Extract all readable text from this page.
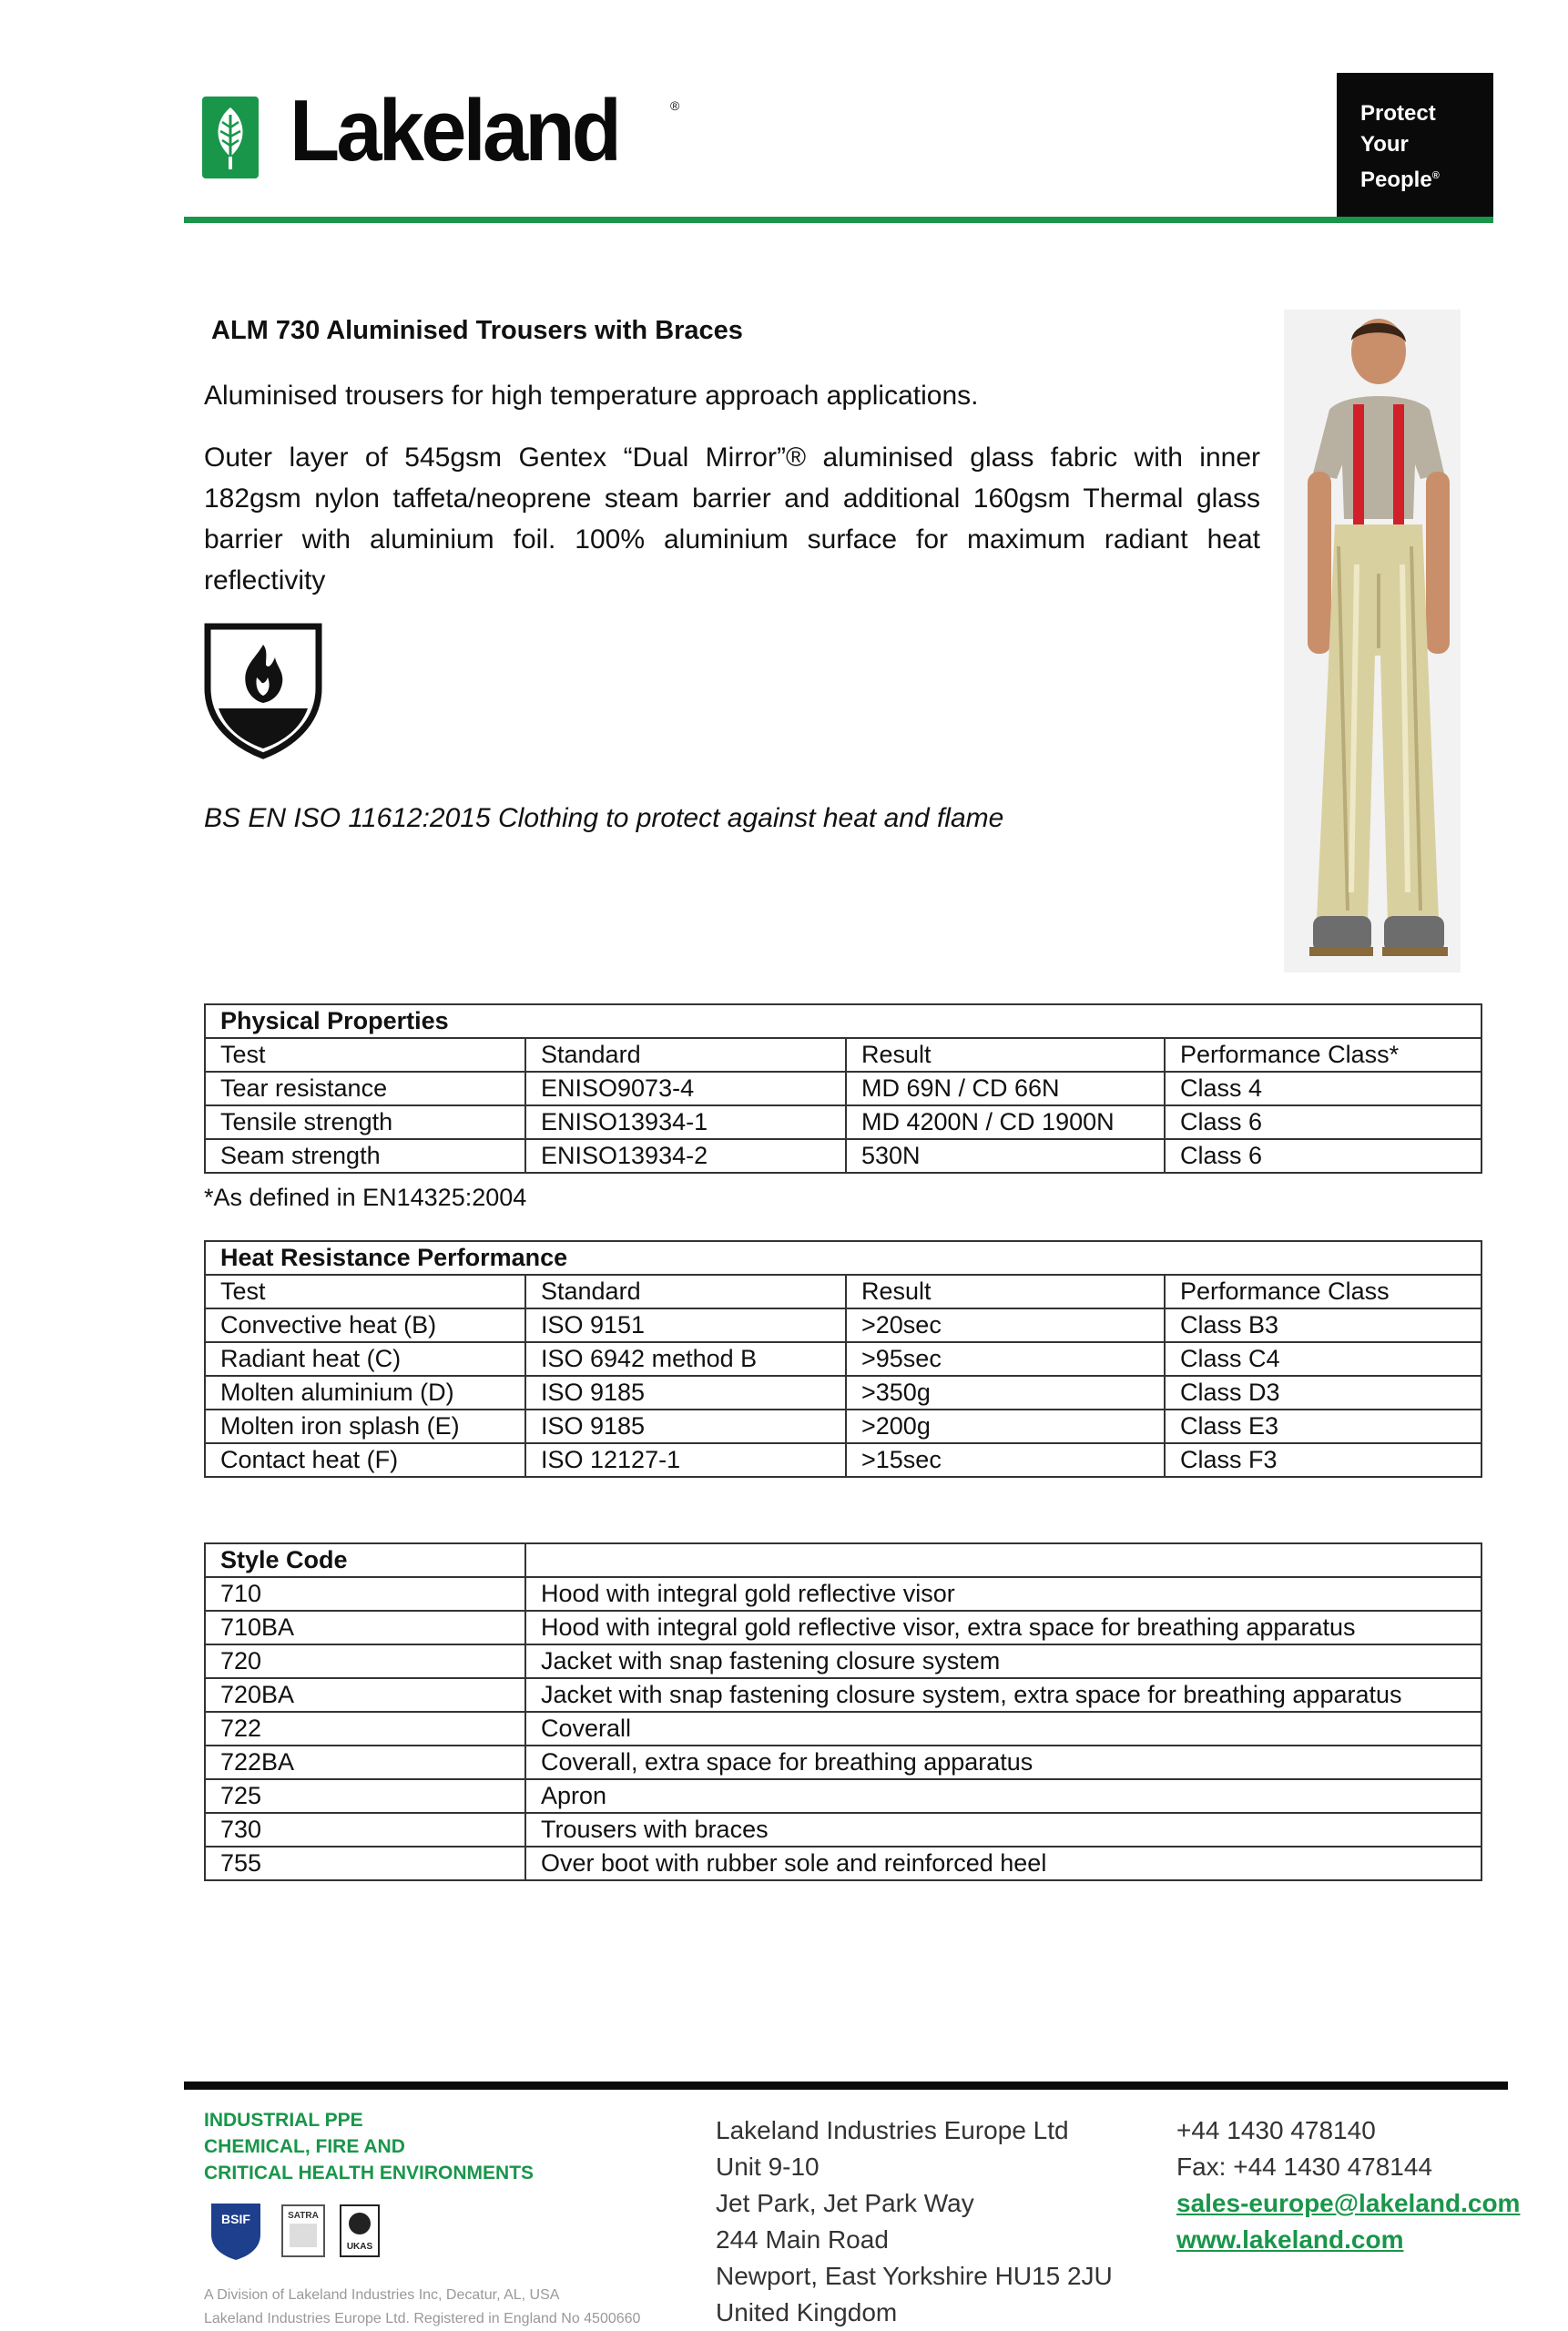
Lakeland	®	Protect
Your
People®
ALM 730 Aluminised Trousers with Braces
Aluminised trousers for high temperature approach applications.
Outer layer of 545gsm Gentex “Dual Mirror”® aluminised glass fabric with inner 182gsm nylon taffeta/neoprene steam barrier and additional 160gsm Thermal glass barrier with aluminium foil. 100% aluminium surface for maximum radiant heat reflectivity
BS EN ISO 11612:2015 Clothing to protect against heat and flame
Physical Properties			
Test	Standard	Result	Performance Class*
Tear resistance	ENISO9073-4	MD 69N / CD 66N	Class 4
Tensile strength	ENISO13934-1	MD 4200N / CD 1900N	Class 6
Seam strength	ENISO13934-2	530N	Class 6
*As defined in EN14325:2004
Heat Resistance Performance			
Test	Standard	Result	Performance Class
Convective heat (B)	ISO 9151	>20sec	Class B3
Radiant heat (C)	ISO 6942 method B	>95sec	Class C4
Molten aluminium (D)	ISO 9185	>350g	Class D3
Molten iron splash (E)	ISO 9185	>200g	Class E3
Contact heat (F)	ISO 12127-1	>15sec	Class F3
Style Code	
710	Hood with integral gold reflective visor
710BA	Hood with integral gold reflective visor, extra space for breathing apparatus
720	Jacket with snap fastening closure system
720BA	Jacket with snap fastening closure system, extra space for breathing apparatus
722	Coverall
722BA	Coverall, extra space for breathing apparatus
725	Apron
730	Trousers with braces
755	Over boot with rubber sole and reinforced heel
INDUSTRIAL PPE
CHEMICAL, FIRE AND
CRITICAL HEALTH ENVIRONMENTS
BSIF	SATRA
UKAS
A Division of Lakeland Industries Inc, Decatur, AL, USA
Lakeland Industries Europe Ltd. Registered in England No 4500660
Lakeland Industries Europe Ltd
Unit 9-10
Jet Park, Jet Park Way
244 Main Road
Newport, East Yorkshire HU15 2JU
United Kingdom
+44 1430 478140
Fax: +44 1430 478144
sales-europe@lakeland.com
www.lakeland.com
